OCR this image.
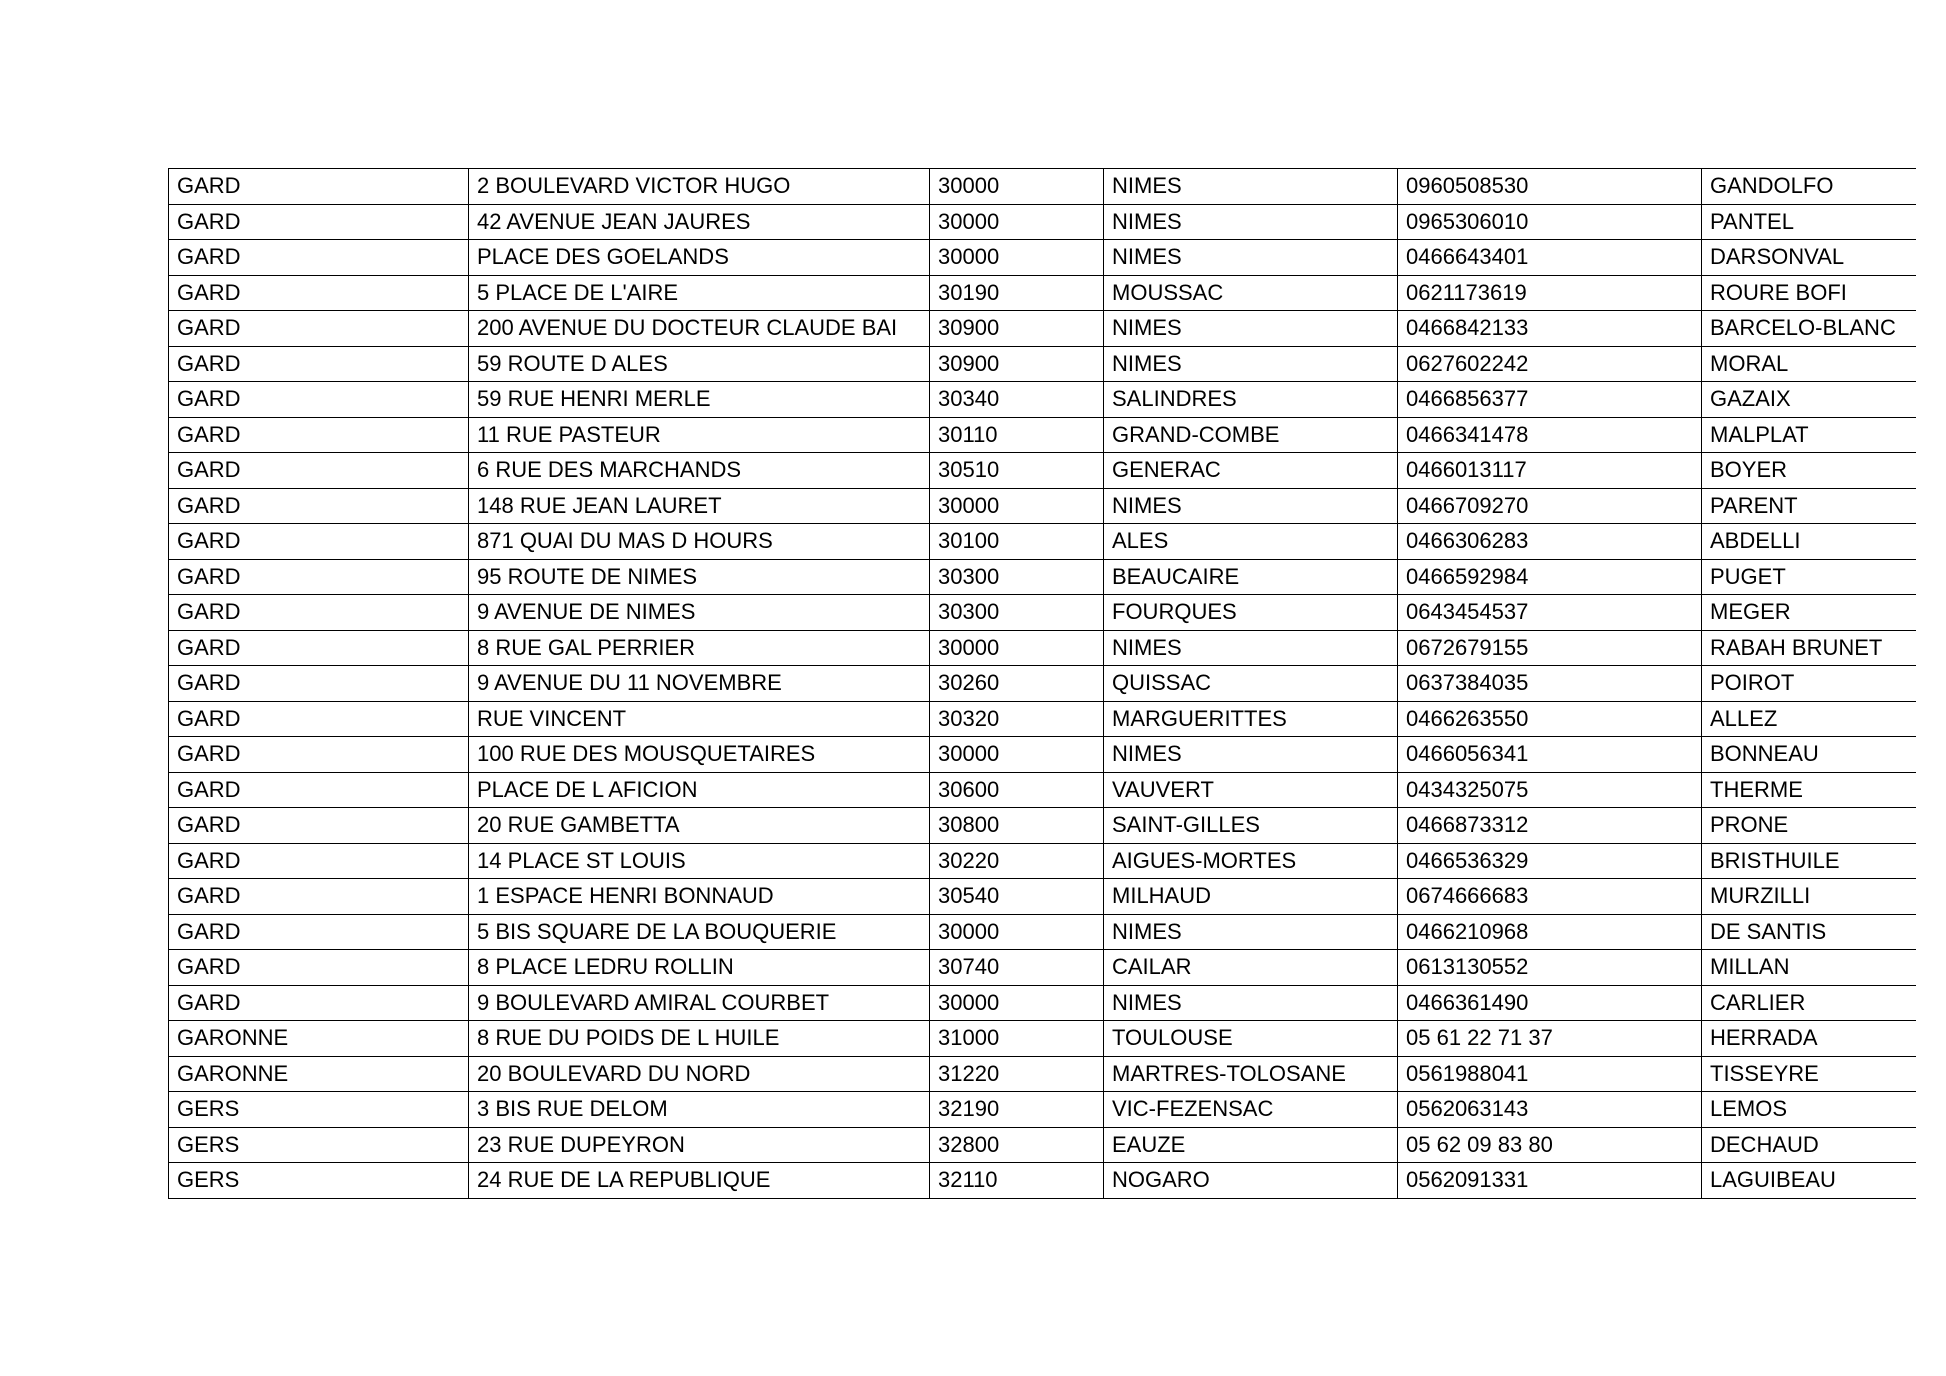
GARD	2 BOULEVARD VICTOR HUGO	30000	NIMES	0960508530	GANDOLFO
GARD	42 AVENUE JEAN JAURES	30000	NIMES	0965306010	PANTEL
GARD	PLACE DES GOELANDS	30000	NIMES	0466643401	DARSONVAL
GARD	5 PLACE DE L'AIRE	30190	MOUSSAC	0621173619	ROURE BOFI
GARD	200 AVENUE DU DOCTEUR CLAUDE BAI	30900	NIMES	0466842133	BARCELO-BLANC
GARD	59 ROUTE D ALES	30900	NIMES	0627602242	MORAL
GARD	59 RUE HENRI MERLE	30340	SALINDRES	0466856377	GAZAIX
GARD	11 RUE PASTEUR	30110	GRAND-COMBE	0466341478	MALPLAT
GARD	6 RUE DES MARCHANDS	30510	GENERAC	0466013117	BOYER
GARD	148 RUE JEAN LAURET	30000	NIMES	0466709270	PARENT
GARD	871 QUAI DU MAS D HOURS	30100	ALES	0466306283	ABDELLI
GARD	95 ROUTE DE NIMES	30300	BEAUCAIRE	0466592984	PUGET
GARD	9 AVENUE DE NIMES	30300	FOURQUES	0643454537	MEGER
GARD	8 RUE GAL PERRIER	30000	NIMES	0672679155	RABAH BRUNET
GARD	9 AVENUE DU 11 NOVEMBRE	30260	QUISSAC	0637384035	POIROT
GARD	RUE VINCENT	30320	MARGUERITTES	0466263550	ALLEZ
GARD	100 RUE DES MOUSQUETAIRES	30000	NIMES	0466056341	BONNEAU
GARD	PLACE DE L AFICION	30600	VAUVERT	0434325075	THERME
GARD	20 RUE GAMBETTA	30800	SAINT-GILLES	0466873312	PRONE
GARD	14 PLACE ST LOUIS	30220	AIGUES-MORTES	0466536329	BRISTHUILE
GARD	1 ESPACE HENRI BONNAUD	30540	MILHAUD	0674666683	MURZILLI
GARD	5 BIS SQUARE DE LA BOUQUERIE	30000	NIMES	0466210968	DE SANTIS
GARD	8 PLACE LEDRU ROLLIN	30740	CAILAR	0613130552	MILLAN
GARD	9 BOULEVARD AMIRAL COURBET	30000	NIMES	0466361490	CARLIER
GARONNE	8 RUE DU POIDS DE L HUILE	31000	TOULOUSE	05 61 22 71 37	HERRADA
GARONNE	20 BOULEVARD DU NORD	31220	MARTRES-TOLOSANE	0561988041	TISSEYRE
GERS	3 BIS RUE DELOM	32190	VIC-FEZENSAC	0562063143	LEMOS
GERS	23 RUE DUPEYRON	32800	EAUZE	05 62 09 83 80	DECHAUD
GERS	24 RUE DE LA REPUBLIQUE	32110	NOGARO	0562091331	LAGUIBEAU
